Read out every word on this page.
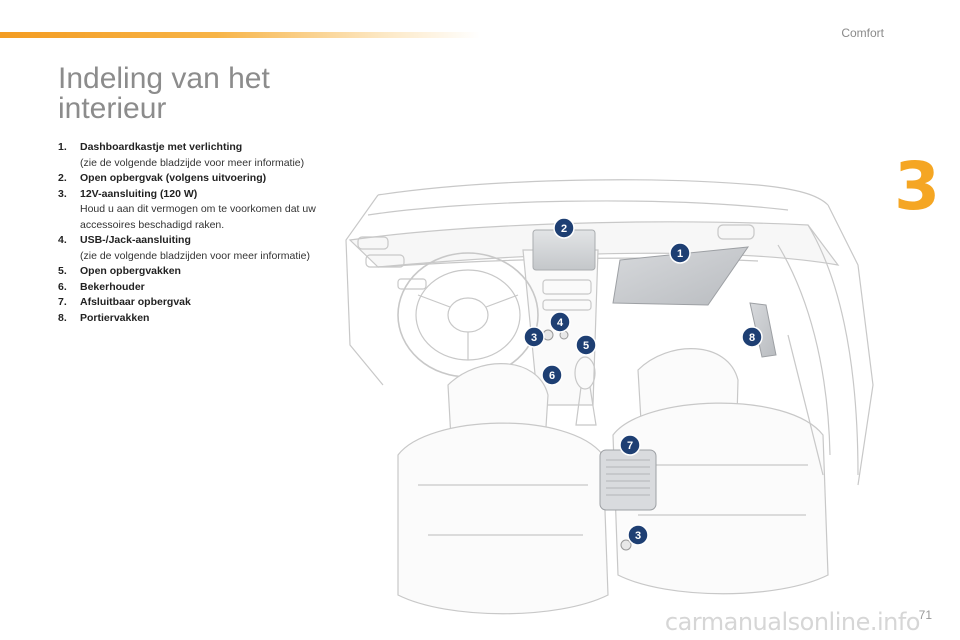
Comfort
3
Indeling van het interieur
1. Dashboardkastje met verlichting
(zie de volgende bladzijde voor meer informatie)
2. Open opbergvak (volgens uitvoering)
3. 12V-aansluiting (120 W)
Houd u aan dit vermogen om te voorkomen dat uw accessoires beschadigd raken.
4. USB-/Jack-aansluiting
(zie de volgende bladzijden voor meer informatie)
5. Open opbergvakken
6. Bekerhouder
7. Afsluitbaar opbergvak
8. Portiervakken
1
2
3
4
5
6
7
8
3
71
carmanualsonline.info
